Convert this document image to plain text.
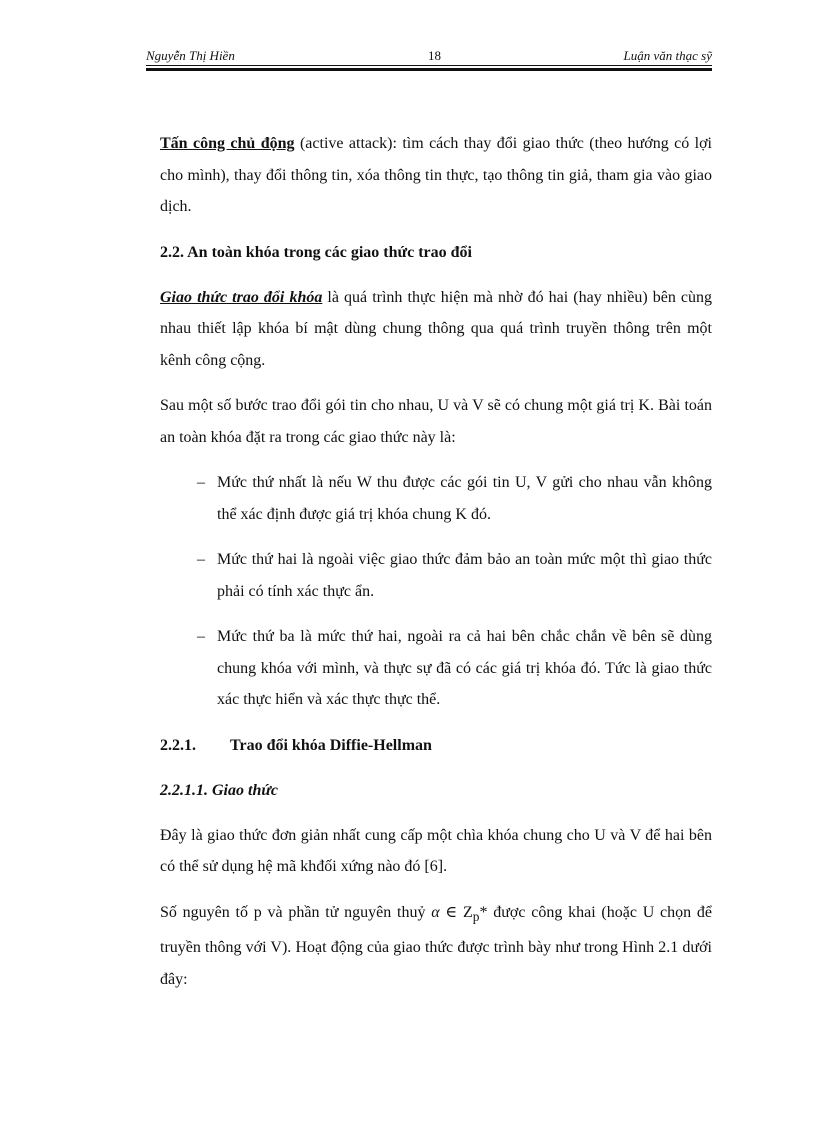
Nguyễn Thị Hiền	18	Luận văn thạc sỹ

Tấn công chủ động (active attack): tìm cách thay đổi giao thức (theo hướng có lợi cho mình), thay đổi thông tin, xóa thông tin thực, tạo thông tin giả, tham gia vào giao dịch.

2.2. An toàn khóa trong các giao thức trao đổi

Giao thức trao đổi khóa là quá trình thực hiện mà nhờ đó hai (hay nhiều) bên cùng nhau thiết lập khóa bí mật dùng chung thông qua quá trình truyền thông trên một kênh công cộng.

Sau một số bước trao đổi gói tin cho nhau, U và V sẽ có chung một giá trị K. Bài toán an toàn khóa đặt ra trong các giao thức này là:

– Mức thứ nhất là nếu W thu được các gói tin U, V gửi cho nhau vẫn không thể xác định được giá trị khóa chung K đó.
– Mức thứ hai là ngoài việc giao thức đảm bảo an toàn mức một thì giao thức phải có tính xác thực ẩn.
– Mức thứ ba là mức thứ hai, ngoài ra cả hai bên chắc chắn về bên sẽ dùng chung khóa với mình, và thực sự đã có các giá trị khóa đó. Tức là giao thức xác thực hiển và xác thực thực thể.
2.2.1.	Trao đổi khóa Diffie-Hellman
2.2.1.1. Giao thức

Đây là giao thức đơn giản nhất cung cấp một chìa khóa chung cho U và V để hai bên có thể sử dụng hệ mã khđối xứng nào đó [6].

Số nguyên tố p và phần tử nguyên thuỷ α ∈ $Z_p*$ được công khai (hoặc U chọn để truyền thông với V). Hoạt động của giao thức được trình bày như trong Hình 2.1 dưới đây:
